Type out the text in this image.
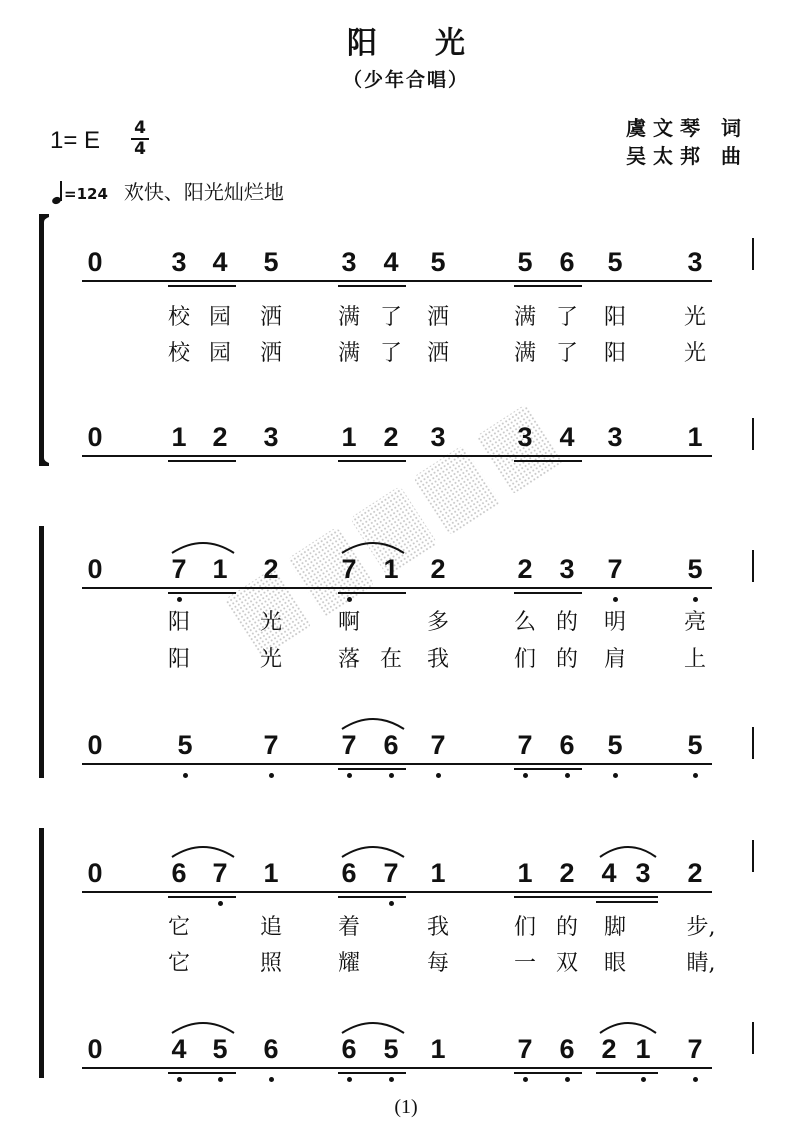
阳光
（少年合唱）
虞文琴 词
吴太邦 曲
1= E 4
4
=124 欢快、阳光灿烂地
0	3 4 5 3 4 5	5 6 5 3
校 园 洒	满 了 洒	满 了 阳	光
校 园 洒	满 了 洒	满 了 阳	光
0	1 2 3 1 2 3	3 4 3 1
0	7 1 2 7 1 2	2 3 7 5
阳	光	啊	多	么 的 明	亮
阳	光	落 在 我	们 的 肩	上
0	5	7 7 6 7	7 6 5 5
0	6 7 1 6 7 1	1 2 4 3 2
它	追	着	我	们 的 脚	步,
它	照	耀	每	一 双 眼	睛,
0	4 5 6 6 5 1	7 6 2 1 7
(1)
